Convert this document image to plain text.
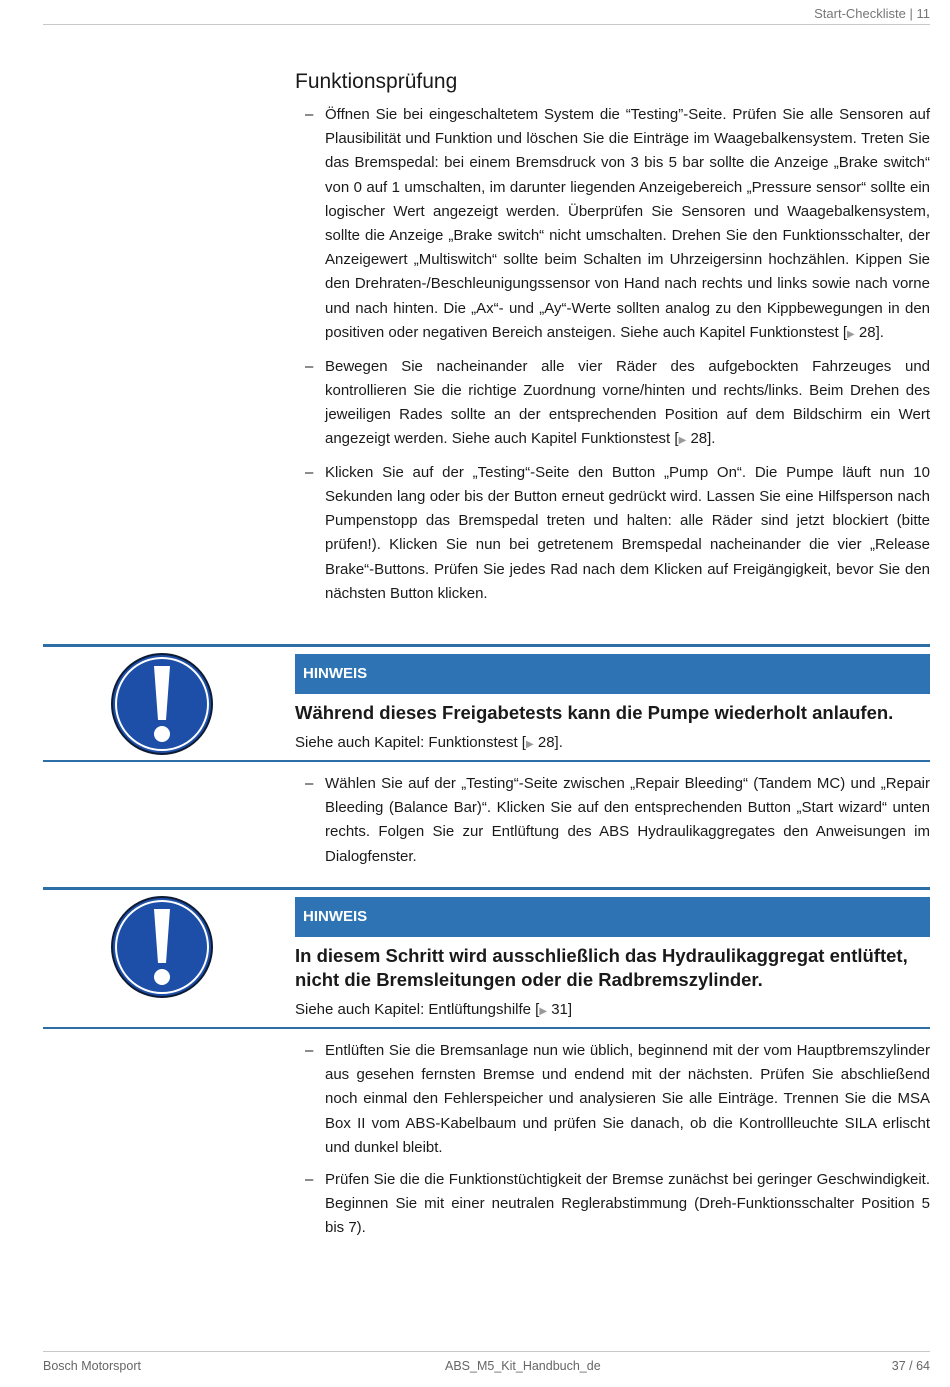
Start-Checkliste | 11
Funktionsprüfung
– Öffnen Sie bei eingeschaltetem System die “Testing”-Seite. Prüfen Sie alle Sensoren auf Plausibilität und Funktion und löschen Sie die Einträge im Waagebalkensystem. Treten Sie das Bremspedal: bei einem Bremsdruck von 3 bis 5 bar sollte die Anzeige „Brake switch“ von 0 auf 1 umschalten, im darunter liegenden Anzeigebereich „Pressure sensor“ sollte ein logischer Wert angezeigt werden. Überprüfen Sie Sensoren und Waagebalkensystem, sollte die Anzeige „Brake switch“ nicht umschalten. Drehen Sie den Funktionsschalter, der Anzeigewert „Multiswitch“ sollte beim Schalten im Uhrzeigersinn hochzählen. Kippen Sie den Drehraten-/Beschleunigungssensor von Hand nach rechts und links sowie nach vorne und nach hinten. Die „Ax“- und „Ay“-Werte sollten analog zu den Kippbewegungen in den positiven oder negativen Bereich ansteigen. Siehe auch Kapitel Funktionstest [▶ 28].
– Bewegen Sie nacheinander alle vier Räder des aufgebockten Fahrzeuges und kontrollieren Sie die richtige Zuordnung vorne/hinten und rechts/links. Beim Drehen des jeweiligen Rades sollte an der entsprechenden Position auf dem Bildschirm ein Wert angezeigt werden. Siehe auch Kapitel Funktionstest [▶ 28].
– Klicken Sie auf der „Testing“-Seite den Button „Pump On“. Die Pumpe läuft nun 10 Sekunden lang oder bis der Button erneut gedrückt wird. Lassen Sie eine Hilfsperson nach Pumpenstopp das Bremspedal treten und halten: alle Räder sind jetzt blockiert (bitte prüfen!). Klicken Sie nun bei getretenem Bremspedal nacheinander die vier „Release Brake“-Buttons. Prüfen Sie jedes Rad nach dem Klicken auf Freigängigkeit, bevor Sie den nächsten Button klicken.
HINWEIS

Während dieses Freigabetests kann die Pumpe wiederholt anlaufen.

Siehe auch Kapitel: Funktionstest [▶ 28].
– Wählen Sie auf der „Testing“-Seite zwischen „Repair Bleeding“ (Tandem MC) und „Repair Bleeding (Balance Bar)“. Klicken Sie auf den entsprechenden Button „Start wizard“ unten rechts. Folgen Sie zur Entlüftung des ABS Hydraulikaggregates den Anweisungen im Dialogfenster.
HINWEIS

In diesem Schritt wird ausschließlich das Hydraulikaggregat entlüftet, nicht die Bremsleitungen oder die Radbremszylinder.

Siehe auch Kapitel: Entlüftungshilfe [▶ 31]
– Entlüften Sie die Bremsanlage nun wie üblich, beginnend mit der vom Hauptbremszylinder aus gesehen fernsten Bremse und endend mit der nächsten. Prüfen Sie abschließend noch einmal den Fehlerspeicher und analysieren Sie alle Einträge. Trennen Sie die MSA Box II vom ABS-Kabelbaum und prüfen Sie danach, ob die Kontrollleuchte SILA erlischt und dunkel bleibt.
– Prüfen Sie die die Funktionstüchtigkeit der Bremse zunächst bei geringer Geschwindigkeit. Beginnen Sie mit einer neutralen Reglerabstimmung (Dreh-Funktionsschalter Position 5 bis 7).
Bosch Motorsport	ABS_M5_Kit_Handbuch_de	37 / 64
